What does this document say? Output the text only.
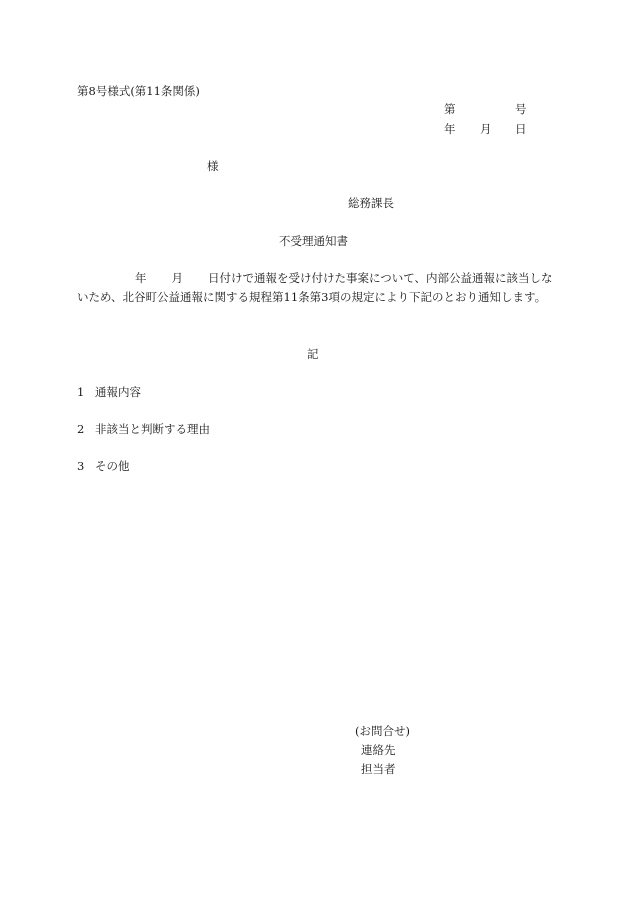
第8号様式(第11条関係)
第	号
年 月 日
様
総務課長
不受理通知書
年 月 日付けで通報を受け付けた事案について、内部公益通報に該当しないため、北谷町公益通報に関する規程第11条第3項の規定により下記のとおり通知します。
記
1 通報内容
2 非該当と判断する理由
3 その他
(お問合せ)
連絡先
担当者
